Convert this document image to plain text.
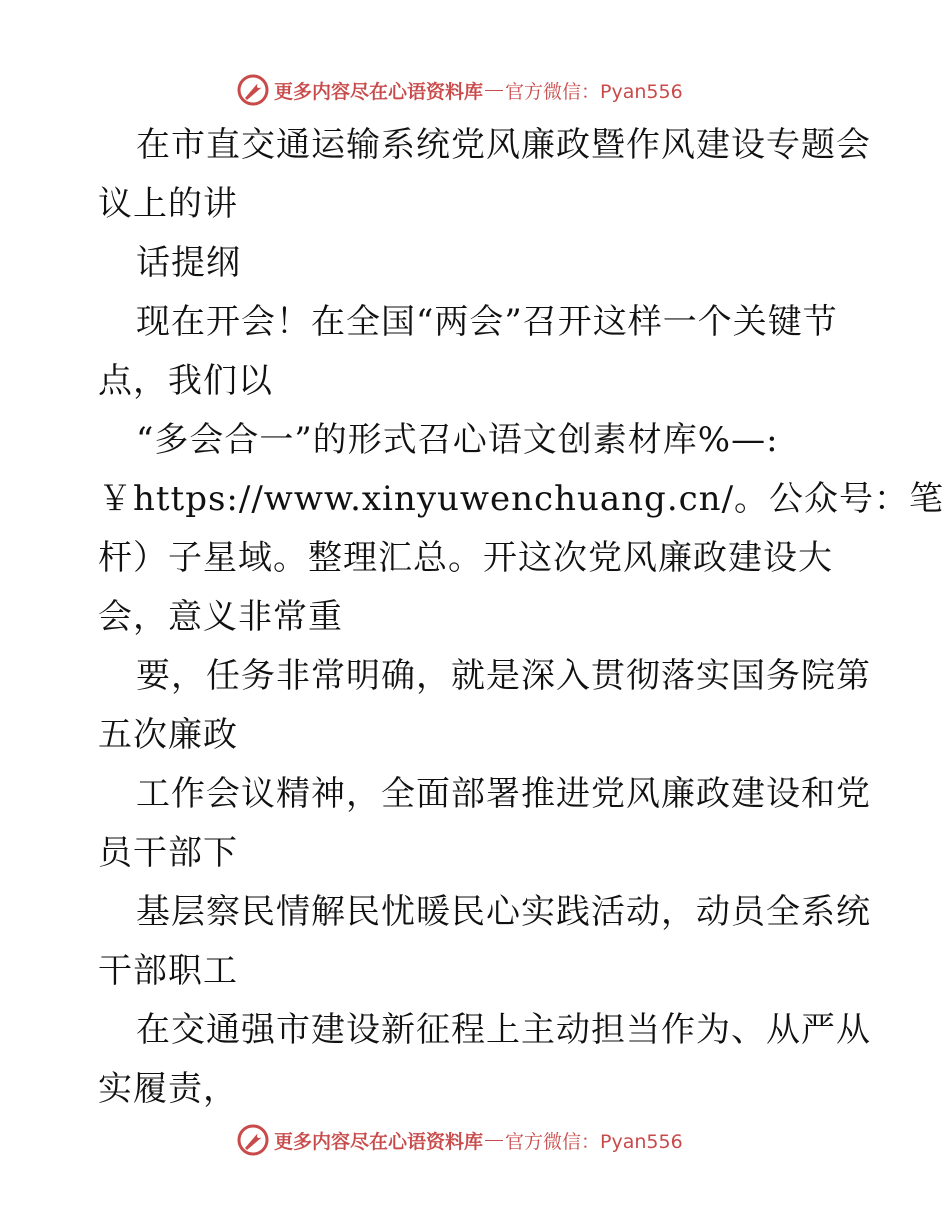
更多内容尽在心语资料库 官方微信：Pyan556
在市直交通运输系统党风廉政暨作风建设专题会
议上的讲
话提纲
现在开会！在全国“两会”召开这样一个关键节
点，我们以
“多会合一”的形式召心语文创素材库%—:
￥https://www.xinyuwenchuang.cn/。公众号：笔
杆）子星域。整理汇总。开这次党风廉政建设大
会，意义非常重
要，任务非常明确，就是深入贯彻落实国务院第
五次廉政
工作会议精神，全面部署推进党风廉政建设和党
员干部下
基层察民情解民忧暖民心实践活动，动员全系统
干部职工
在交通强市建设新征程上主动担当作为、从严从
实履责，
更多内容尽在心语资料库 官方微信：Pyan556
